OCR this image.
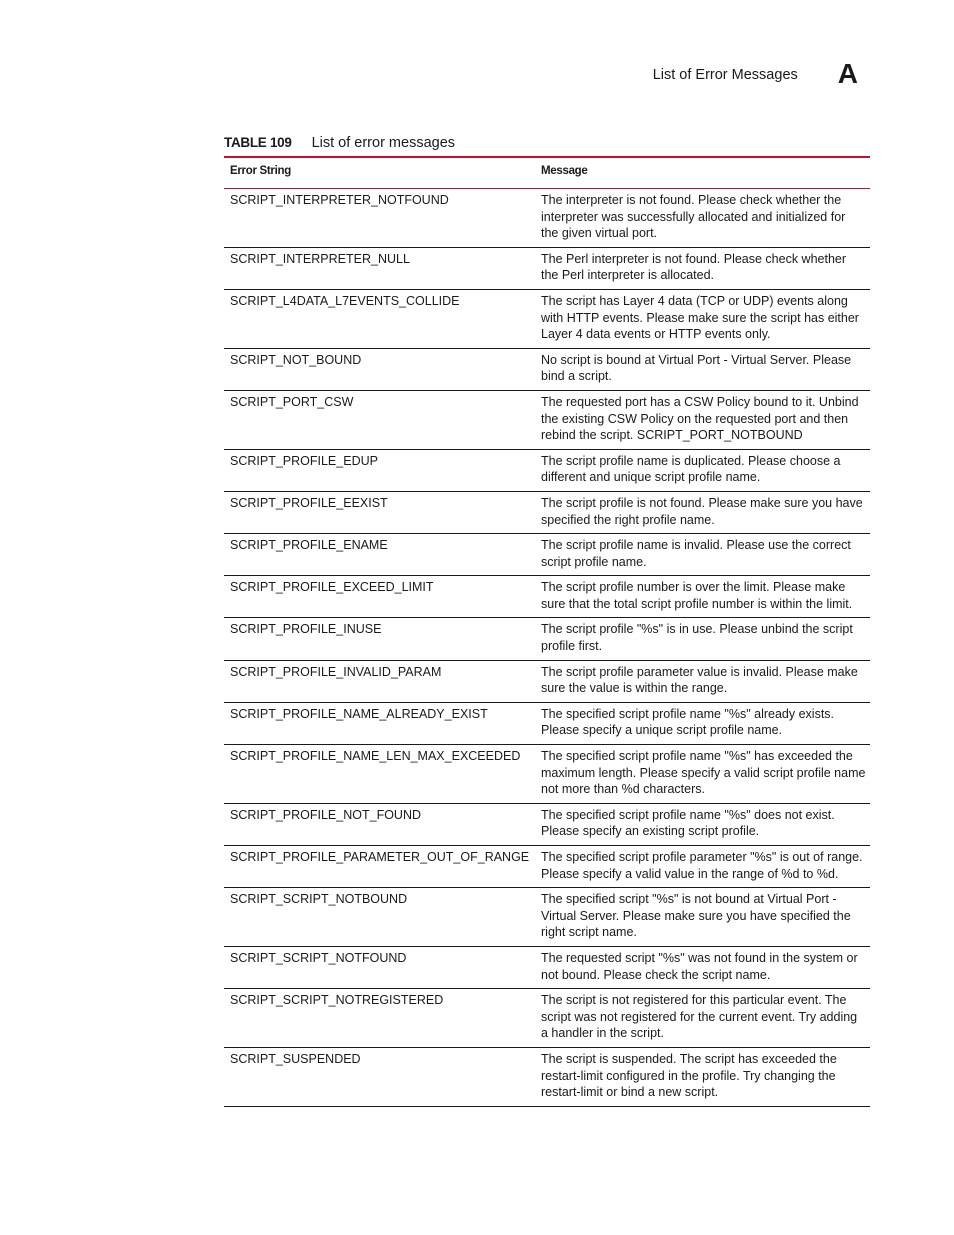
List of Error Messages A
TABLE 109 List of error messages
Error String	Message
SCRIPT_INTERPRETER_NOTFOUND	The interpreter is not found. Please check whether the interpreter was successfully allocated and initialized for the given virtual port.
SCRIPT_INTERPRETER_NULL	The Perl interpreter is not found. Please check whether the Perl interpreter is allocated.
SCRIPT_L4DATA_L7EVENTS_COLLIDE	The script has Layer 4 data (TCP or UDP) events along with HTTP events. Please make sure the script has either Layer 4 data events or HTTP events only.
SCRIPT_NOT_BOUND	No script is bound at Virtual Port - Virtual Server. Please bind a script.
SCRIPT_PORT_CSW	The requested port has a CSW Policy bound to it. Unbind the existing CSW Policy on the requested port and then rebind the script. SCRIPT_PORT_NOTBOUND
SCRIPT_PROFILE_EDUP	The script profile name is duplicated. Please choose a different and unique script profile name.
SCRIPT_PROFILE_EEXIST	The script profile is not found. Please make sure you have specified the right profile name.
SCRIPT_PROFILE_ENAME	The script profile name is invalid. Please use the correct script profile name.
SCRIPT_PROFILE_EXCEED_LIMIT	The script profile number is over the limit. Please make sure that the total script profile number is within the limit.
SCRIPT_PROFILE_INUSE	The script profile "%s" is in use. Please unbind the script profile first.
SCRIPT_PROFILE_INVALID_PARAM	The script profile parameter value is invalid. Please make sure the value is within the range.
SCRIPT_PROFILE_NAME_ALREADY_EXIST	The specified script profile name "%s" already exists. Please specify a unique script profile name.
SCRIPT_PROFILE_NAME_LEN_MAX_EXCEEDED	The specified script profile name "%s" has exceeded the maximum length. Please specify a valid script profile name not more than %d characters.
SCRIPT_PROFILE_NOT_FOUND	The specified script profile name "%s" does not exist. Please specify an existing script profile.
SCRIPT_PROFILE_PARAMETER_OUT_OF_RANGE	The specified script profile parameter "%s" is out of range. Please specify a valid value in the range of %d to %d.
SCRIPT_SCRIPT_NOTBOUND	The specified script "%s" is not bound at Virtual Port - Virtual Server. Please make sure you have specified the right script name.
SCRIPT_SCRIPT_NOTFOUND	The requested script "%s" was not found in the system or not bound. Please check the script name.
SCRIPT_SCRIPT_NOTREGISTERED	The script is not registered for this particular event. The script was not registered for the current event. Try adding a handler in the script.
SCRIPT_SUSPENDED	The script is suspended. The script has exceeded the restart-limit configured in the profile. Try changing the restart-limit or bind a new script.
